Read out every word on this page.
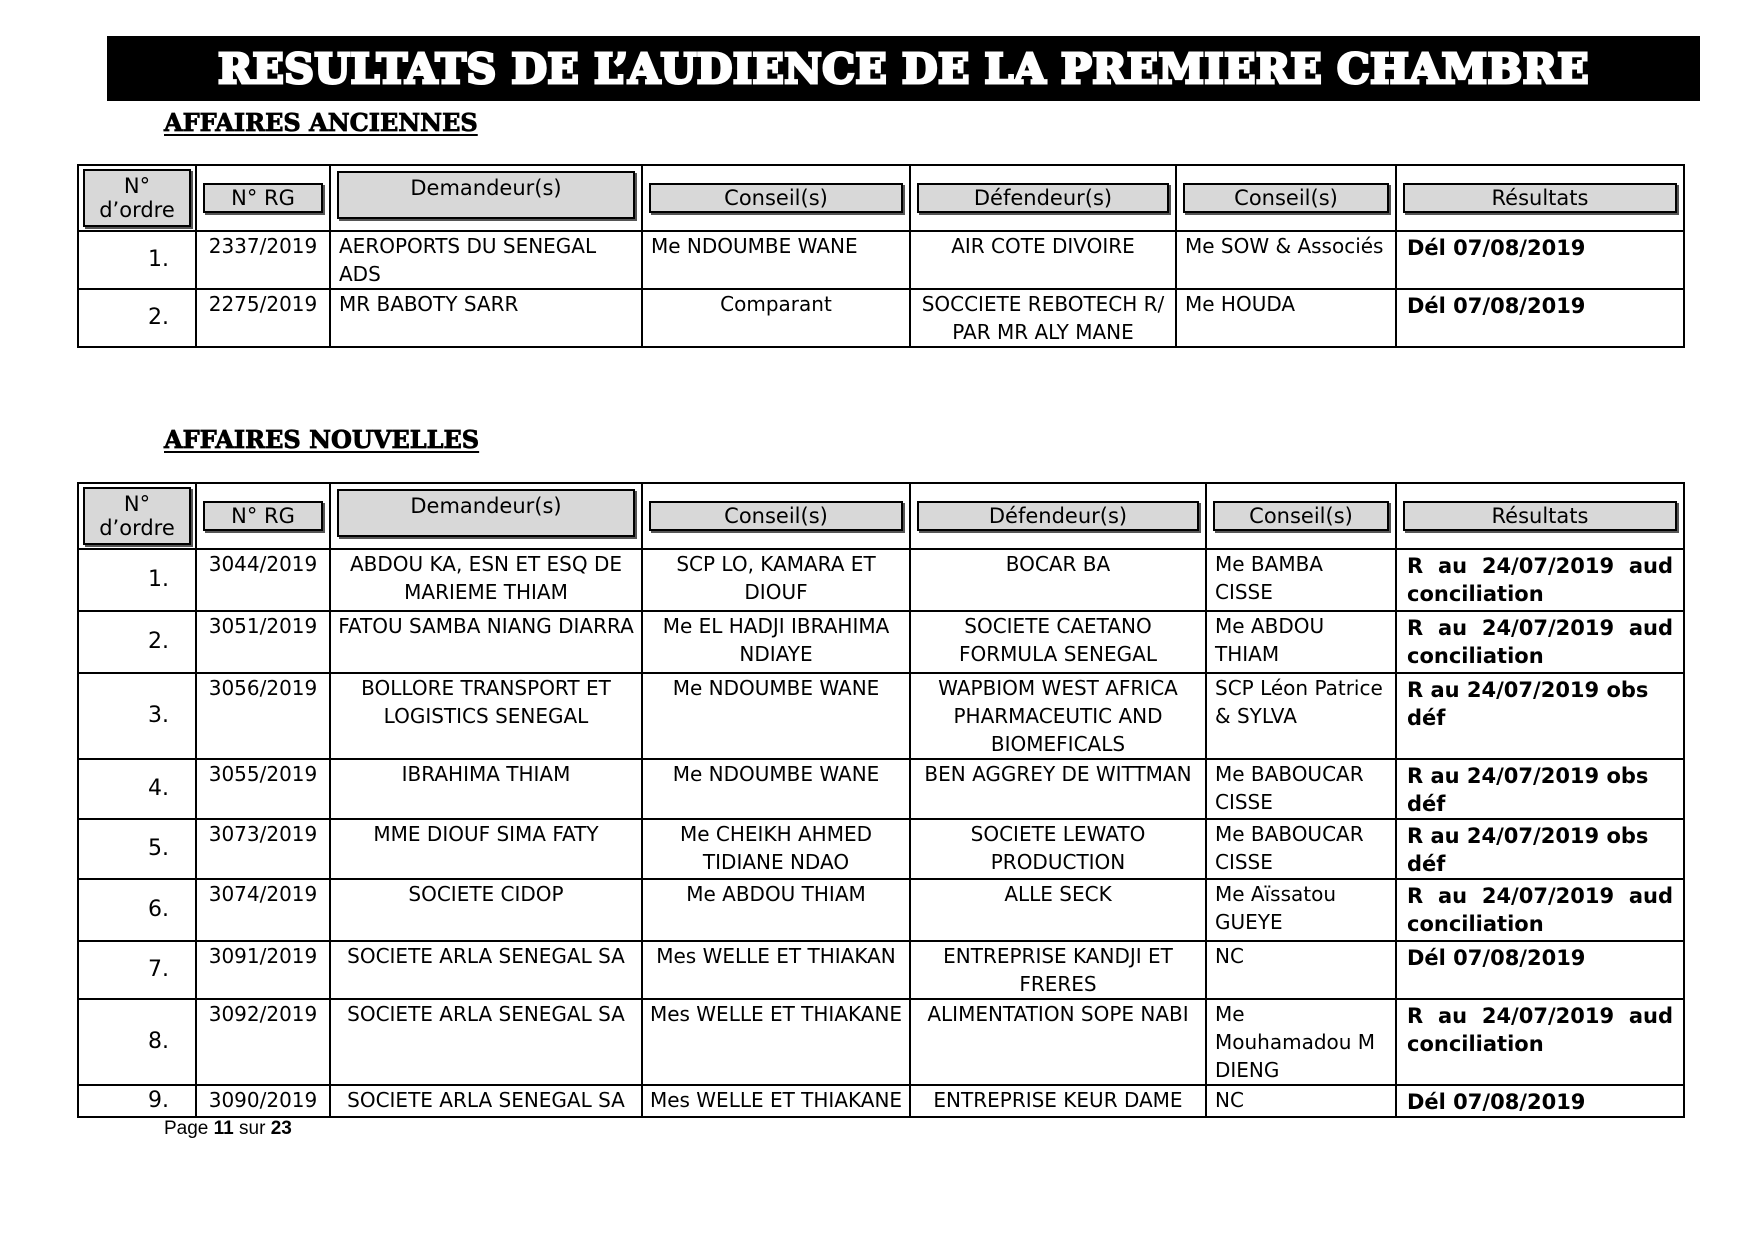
RESULTATS DE L’AUDIENCE DE LA PREMIERE CHAMBRE
AFFAIRES ANCIENNES
N°
d’ordre	N° RG	Demandeur(s)	Conseil(s)	Défendeur(s)	Conseil(s)	Résultats

1.	2337/2019	AEROPORTS DU SENEGAL ADS	Me NDOUMBE WANE	AIR COTE DIVOIRE	Me SOW & Associés	Dél 07/08/2019
2.	2275/2019	MR BABOTY SARR	Comparant	SOCCIETE REBOTECH R/ PAR MR ALY MANE	Me HOUDA	Dél 07/08/2019
AFFAIRES NOUVELLES
N°
d’ordre	N° RG	Demandeur(s)	Conseil(s)	Défendeur(s)	Conseil(s)	Résultats

1.	3044/2019	ABDOU KA, ESN ET ESQ DE MARIEME THIAM	SCP LO, KAMARA ET DIOUF	BOCAR BA	Me BAMBA CISSE	R au 24/07/2019 aud
conciliation

2.	3051/2019	FATOU SAMBA NIANG DIARRA	Me EL HADJI IBRAHIMA NDIAYE	SOCIETE CAETANO FORMULA SENEGAL	Me ABDOU THIAM	R au 24/07/2019 aud
conciliation

3.	3056/2019	BOLLORE TRANSPORT ET LOGISTICS SENEGAL	Me NDOUMBE WANE	WAPBIOM WEST AFRICA PHARMACEUTIC AND BIOMEFICALS	SCP Léon Patrice & SYLVA	R au 24/07/2019 obs déf
4.	3055/2019	IBRAHIMA THIAM	Me NDOUMBE WANE	BEN AGGREY DE WITTMAN	Me BABOUCAR CISSE	R au 24/07/2019 obs déf
5.	3073/2019	MME DIOUF SIMA FATY	Me CHEIKH AHMED TIDIANE NDAO	SOCIETE LEWATO PRODUCTION	Me BABOUCAR CISSE	R au 24/07/2019 obs déf
6.	3074/2019	SOCIETE CIDOP	Me ABDOU THIAM	ALLE SECK	Me Aïssatou GUEYE	R au 24/07/2019 aud
conciliation

7.	3091/2019	SOCIETE ARLA SENEGAL SA	Mes WELLE ET THIAKAN	ENTREPRISE KANDJI ET FRERES	NC	Dél 07/08/2019
8.	3092/2019	SOCIETE ARLA SENEGAL SA	Mes WELLE ET THIAKANE	ALIMENTATION SOPE NABI	Me Mouhamadou M DIENG	R au 24/07/2019 aud
conciliation

9.	3090/2019	SOCIETE ARLA SENEGAL SA	Mes WELLE ET THIAKANE	ENTREPRISE KEUR DAME	NC	Dél 07/08/2019
Page 11 sur 23
